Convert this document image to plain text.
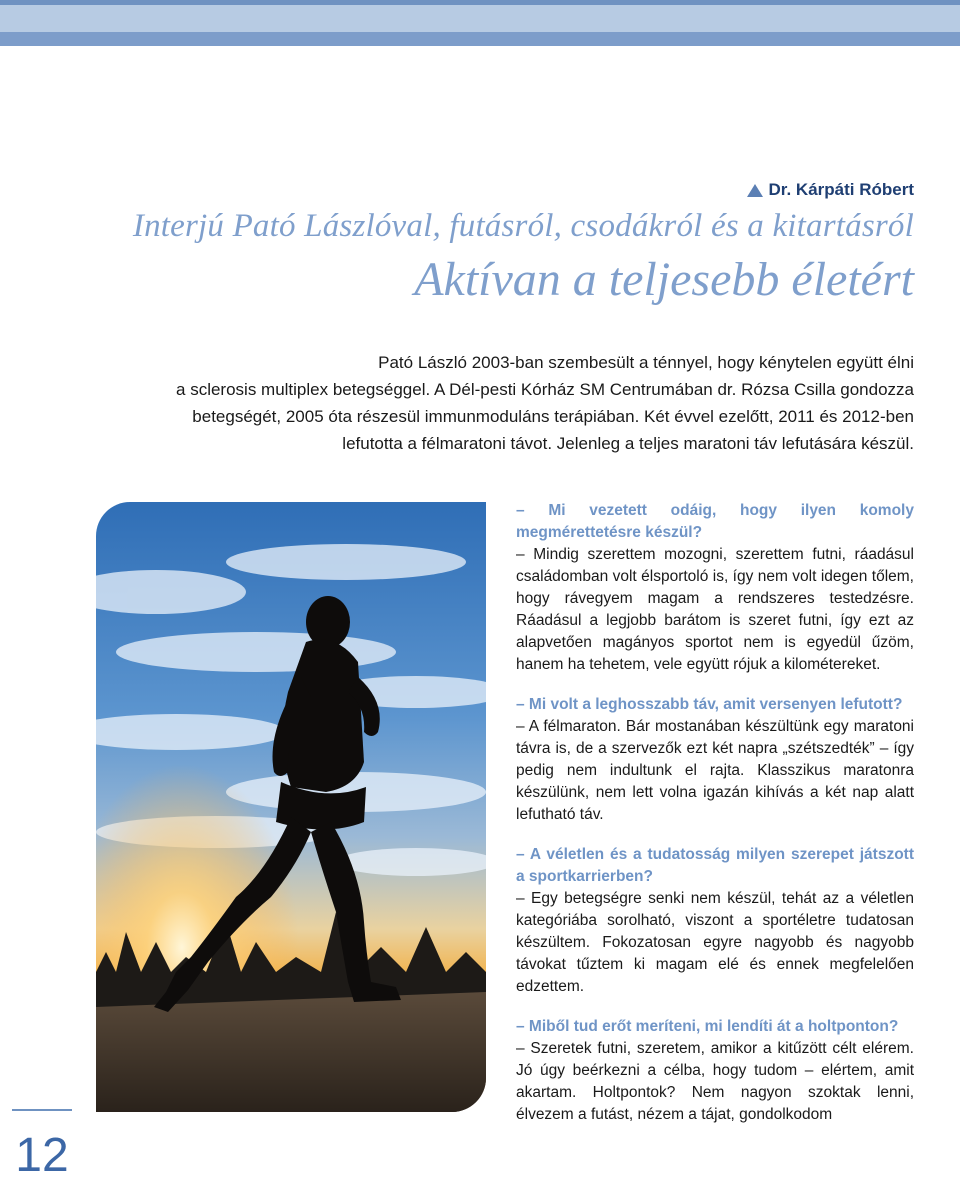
Dr. Kárpáti Róbert
Interjú Pató Lászlóval, futásról, csodákról és a kitartásról
Aktívan a teljesebb életért

Pató László 2003-ban szembesült a ténnyel, hogy kénytelen együtt élni

a sclerosis multiplex betegséggel. A Dél-pesti Kórház SM Centrumában dr. Rózsa Csilla gondozza

betegségét, 2005 óta részesül immunmoduláns terápiában. Két évvel ezelőtt, 2011 és 2012-ben

lefutotta a félmaratoni távot. Jelenleg a teljes maratoni táv lefutására készül.

– Mi vezetett odáig, hogy ilyen komoly megmérettetésre készül?

– Mindig szerettem mozogni, szerettem futni, ráadásul családomban volt élsportoló is, így nem volt idegen tőlem, hogy rávegyem magam a rendszeres testedzésre. Ráadásul a legjobb barátom is szeret futni, így ezt az alapvetően magányos sportot nem is egyedül űzöm, hanem ha tehetem, vele együtt rójuk a kilométereket.

– Mi volt a leghosszabb táv, amit versenyen lefutott?

– A félmaraton. Bár mostanában készültünk egy maratoni távra is, de a szervezők ezt két napra „szétszedték” – így pedig nem indultunk el rajta. Klasszikus maratonra készülünk, nem lett volna igazán kihívás a két nap alatt lefutható táv.

– A véletlen és a tudatosság milyen szerepet játszott a sportkarrierben?

– Egy betegségre senki nem készül, tehát az a véletlen kategóriába sorolható, viszont a sportéletre tudatosan készültem. Fokozatosan egyre nagyobb és nagyobb távokat tűztem ki magam elé és ennek megfelelően edzettem.

– Miből tud erőt meríteni, mi lendíti át a holtponton?

– Szeretek futni, szeretem, amikor a kitűzött célt elérem. Jó úgy beérkezni a célba, hogy tudom – elértem, amit akartam. Holtpontok? Nem nagyon szoktak lenni, élvezem a futást, nézem a tájat, gondolkodom

12
